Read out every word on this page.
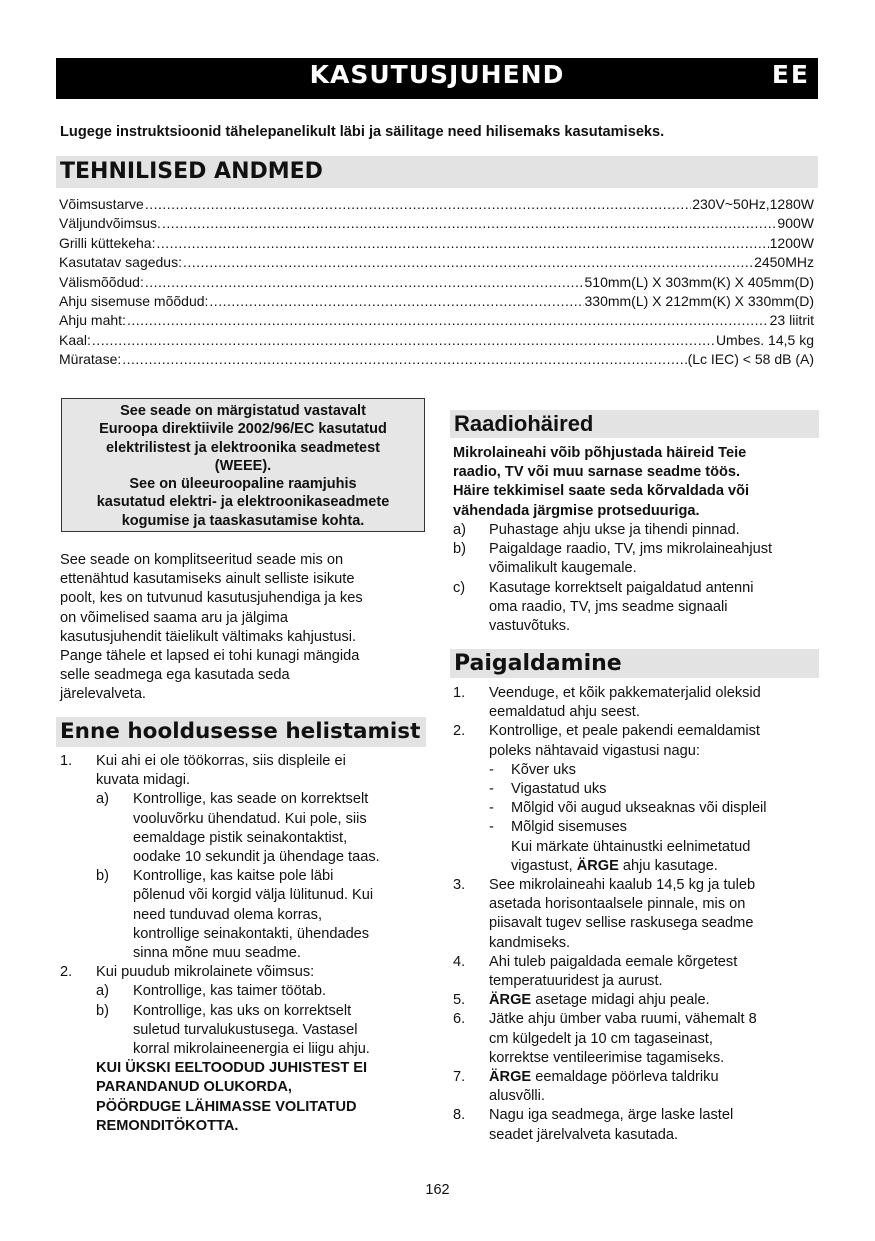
KASUTUSJUHEND	EE
Lugege instruktsioonid tähelepanelikult läbi ja säilitage need hilisemaks kasutamiseks.
TEHNILISED ANDMED
Võimsustarve .....	230V~50Hz,1280W
Väljundvõimsus. .....	900W
Grilli küttekeha: .....	1200W
Kasutatav sagedus: .....	2450MHz
Välismõõdud: .....	510mm(L) X 303mm(K) X 405mm(D)
Ahju sisemuse mõõdud: .....	330mm(L) X 212mm(K) X 330mm(D)
Ahju maht: .....	23 liitrit
Kaal: .....	Umbes. 14,5 kg
Müratase: .....	(Lc IEC) < 58 dB (A)
See seade on märgistatud vastavalt
Euroopa direktiivile 2002/96/EC kasutatud
elektrilistest ja elektroonika seadmetest
(WEEE).
See on üleeuroopaline raamjuhis
kasutatud elektri- ja elektroonikaseadmete
kogumise ja taaskasutamise kohta.
See seade on komplitseeritud seade mis on
ettenähtud kasutamiseks ainult selliste isikute
poolt, kes on tutvunud kasutusjuhendiga ja kes
on võimelised saama aru ja jälgima
kasutusjuhendit täielikult vältimaks kahjustusi.
Pange tähele et lapsed ei tohi kunagi mängida
selle seadmega ega kasutada seda
järelevalveta.
Enne hooldusesse helistamist
1. Kui ahi ei ole töökorras, siis displeile ei
kuvata midagi.
a) Kontrollige, kas seade on korrektselt
vooluvõrku ühendatud. Kui pole, siis
eemaldage pistik seinakontaktist,
oodake 10 sekundit ja ühendage taas.
b) Kontrollige, kas kaitse pole läbi
põlenud või korgid välja lülitunud. Kui
need tunduvad olema korras,
kontrollige seinakontakti, ühendades
sinna mõne muu seadme.
2. Kui puudub mikrolainete võimsus:
a) Kontrollige, kas taimer töötab.
b) Kontrollige, kas uks on korrektselt
suletud turvalukustusega. Vastasel
korral mikrolaineenergia ei liigu ahju.
KUI ÜKSKI EELTOODUD JUHISTEST EI
PARANDANUD OLUKORDA,
PÖÖRDUGE LÄHIMASSE VOLITATUD
REMONDITÖKOTTA.
Raadiohäired
Mikrolaineahi võib põhjustada häireid Teie
raadio, TV või muu sarnase seadme töös.
Häire tekkimisel saate seda kõrvaldada või
vähendada järgmise protseduuriga.
a) Puhastage ahju ukse ja tihendi pinnad.
b) Paigaldage raadio, TV, jms mikrolaineahjust
võimalikult kaugemale.
c) Kasutage korrektselt paigaldatud antenni
oma raadio, TV, jms seadme signaali
vastuvõtuks.
Paigaldamine
1. Veenduge, et kõik pakkematerjalid oleksid
eemaldatud ahju seest.
2. Kontrollige, et peale pakendi eemaldamist
poleks nähtavaid vigastusi nagu:
- Kõver uks
- Vigastatud uks
- Mõlgid või augud ukseaknas või displeil
- Mõlgid sisemuses
Kui märkate ühtainustki eelnimetatud
vigastust, ÄRGE ahju kasutage.
3. See mikrolaineahi kaalub 14,5 kg ja tuleb
asetada horisontaalsele pinnale, mis on
piisavalt tugev sellise raskusega seadme
kandmiseks.
4. Ahi tuleb paigaldada eemale kõrgetest
temperatuuridest ja aurust.
5. ÄRGE asetage midagi ahju peale.
6. Jätke ahju ümber vaba ruumi, vähemalt 8
cm külgedelt ja 10 cm tagaseinast,
korrektse ventileerimise tagamiseks.
7. ÄRGE eemaldage pöörleva taldriku
alusvõlli.
8. Nagu iga seadmega, ärge laske lastel
seadet järelvalveta kasutada.
162
